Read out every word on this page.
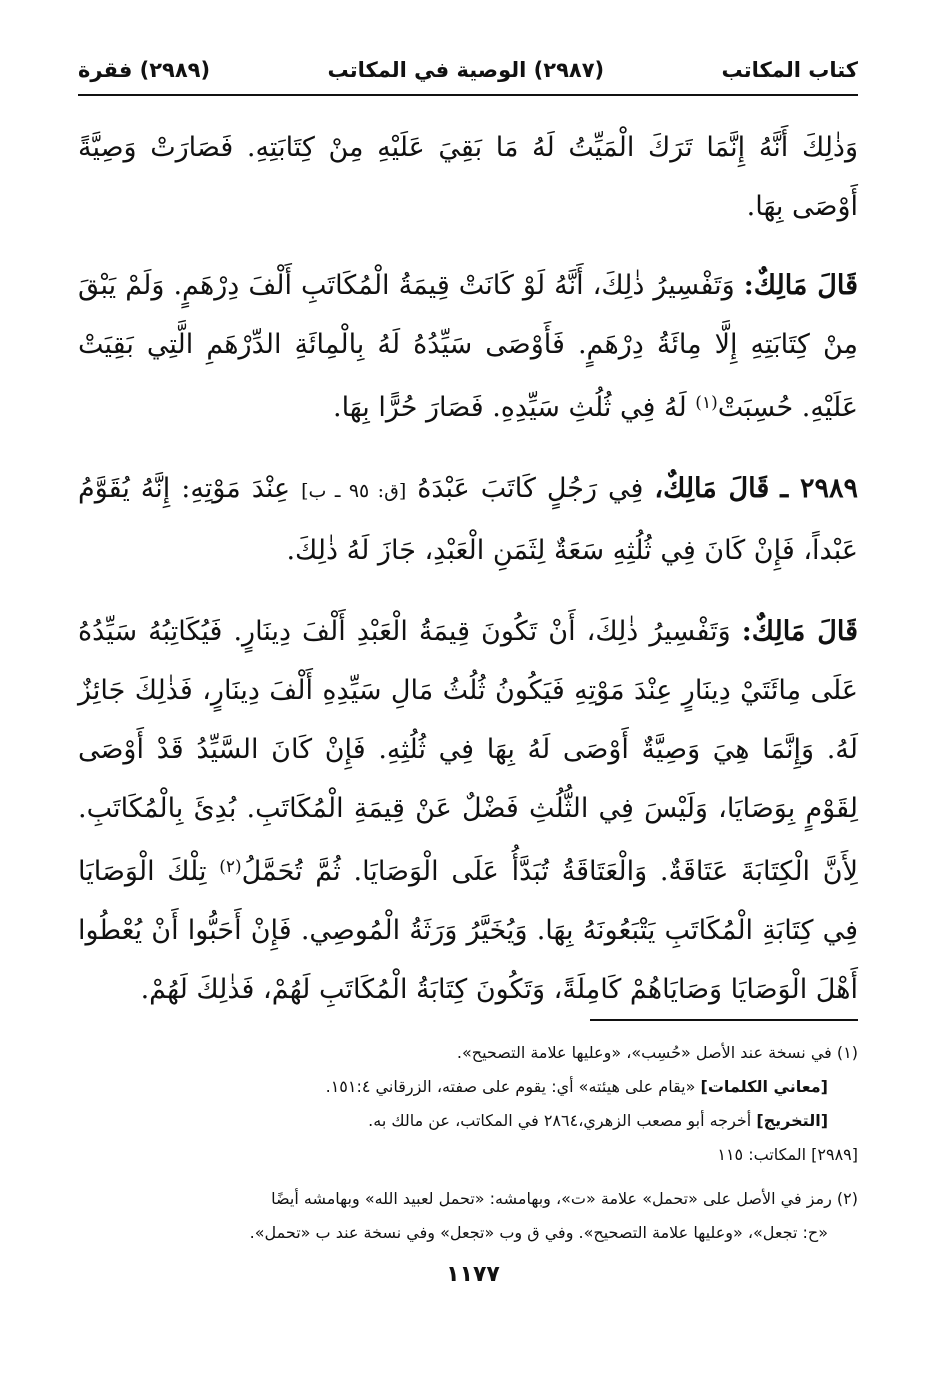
كتاب المكاتب
(٢٩٨٧) الوصية في المكاتب
(٢٩٨٩) فقرة

وَذٰلِكَ أَنَّهُ إِنَّمَا تَرَكَ الْمَيِّتُ لَهُ مَا بَقِيَ عَلَيْهِ مِنْ كِتَابَتِهِ. فَصَارَتْ وَصِيَّةً أَوْصَى بِهَا.

قَالَ مَالِكٌ: وَتَفْسِيرُ ذٰلِكَ، أَنَّهُ لَوْ كَانَتْ قِيمَةُ الْمُكَاتَبِ أَلْفَ دِرْهَمٍ. وَلَمْ يَبْقَ مِنْ كِتَابَتِهِ إِلَّا مِائَةُ دِرْهَمٍ. فَأَوْصَى سَيِّدُهُ لَهُ بِالْمِائَةِ الدِّرْهَمِ الَّتِي بَقِيَتْ عَلَيْهِ. حُسِبَتْ$^{(١)}$ لَهُ فِي ثُلُثِ سَيِّدِهِ. فَصَارَ حُرًّا بِهَا.

٢٩٨٩ ـ قَالَ مَالِكٌ، فِي رَجُلٍ كَاتَبَ عَبْدَهُ [ق: ٩٥ ـ ب] عِنْدَ مَوْتِهِ: إِنَّهُ يُقَوَّمُ عَبْداً، فَإِنْ كَانَ فِي ثُلُثِهِ سَعَةٌ لِثَمَنِ الْعَبْدِ، جَازَ لَهُ ذٰلِكَ.

قَالَ مَالِكٌ: وَتَفْسِيرُ ذٰلِكَ، أَنْ تَكُونَ قِيمَةُ الْعَبْدِ أَلْفَ دِينَارٍ. فَيُكَاتِبُهُ سَيِّدُهُ عَلَى مِائَتَيْ دِينَارٍ عِنْدَ مَوْتِهِ فَيَكُونُ ثُلُثُ مَالِ سَيِّدِهِ أَلْفَ دِينَارٍ، فَذٰلِكَ جَائِزٌ لَهُ. وَإِنَّمَا هِيَ وَصِيَّةٌ أَوْصَى لَهُ بِهَا فِي ثُلُثِهِ. فَإِنْ كَانَ السَّيِّدُ قَدْ أَوْصَى لِقَوْمٍ بِوَصَايَا، وَلَيْسَ فِي الثُّلُثِ فَضْلٌ عَنْ قِيمَةِ الْمُكَاتَبِ. بُدِئَ بِالْمُكَاتَبِ. لِأَنَّ الْكِتَابَةَ عَتَاقَةٌ. وَالْعَتَاقَةُ تُبَدَّأُ عَلَى الْوَصَايَا. ثُمَّ تُحَمَّلُ$^{(٢)}$ تِلْكَ الْوَصَايَا فِي كِتَابَةِ الْمُكَاتَبِ يَتْبَعُونَهُ بِهَا. وَيُخَيَّرُ وَرَثَةُ الْمُوصِي. فَإِنْ أَحَبُّوا أَنْ يُعْطُوا أَهْلَ الْوَصَايَا وَصَايَاهُمْ كَامِلَةً، وَتَكُونَ كِتَابَةُ الْمُكَاتَبِ لَهُمْ، فَذٰلِكَ لَهُمْ.

(١) في نسخة عند الأصل «حُسِب»، «وعليها علامة التصحيح».
[معاني الكلمات] «يقام على هيئته» أي: يقوم على صفته، الزرقاني ١٥١:٤.
[التخريج] أخرجه أبو مصعب الزهري،٢٨٦٤ في المكاتب، عن مالك به.
[٢٩٨٩] المكاتب: ١١٥
(٢) رمز في الأصل على «تحمل» علامة «ت»، وبهامشه: «تحمل لعبيد الله» وبهامشه أيضًا
«ح: تجعل»، «وعليها علامة التصحيح». وفي ق وب «تجعل» وفي نسخة عند ب «تحمل».
١١٧٧
